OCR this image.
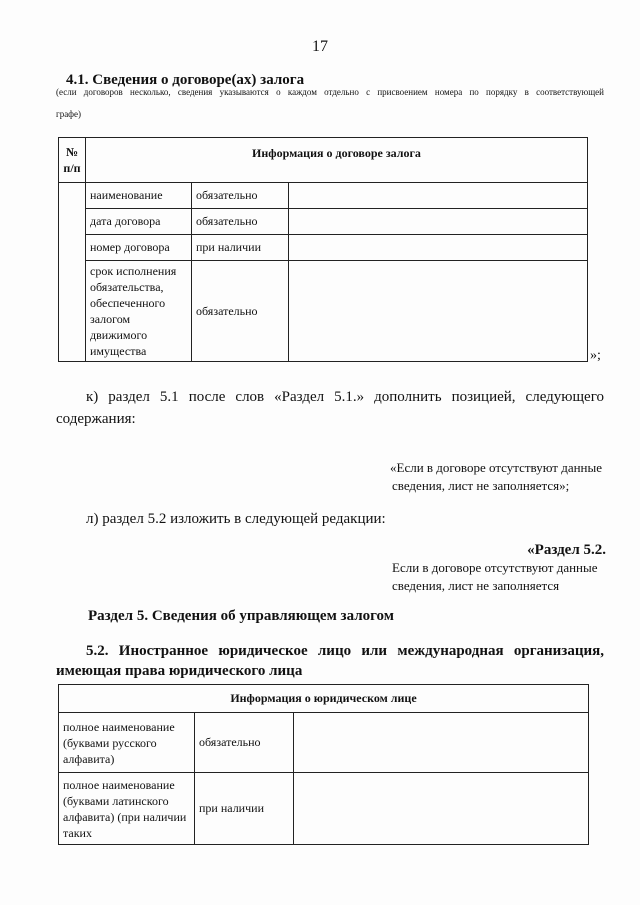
17
4.1. Сведения о договоре(ах) залога
(если договоров несколько, сведения указываются о каждом отдельно с присвоением номера по порядку в соответствующей
графе)
№ п/п	Информация о договоре залога		
	наименование	обязательно	
	дата договора	обязательно	
	номер договора	при наличии	
	срок исполнения обязательства, обеспеченного залогом движимого имущества	обязательно	
»;
к) раздел 5.1 после слов «Раздел 5.1.» дополнить позицией, следующего содержания:
«Если в договоре отсутствуют данные
сведения, лист не заполняется»;
л) раздел 5.2 изложить в следующей редакции:
«Раздел 5.2.
Если в договоре отсутствуют данные
сведения, лист не заполняется
Раздел 5. Сведения об управляющем залогом
5.2. Иностранное юридическое лицо или международная организация, имеющая права юридического лица
Информация о юридическом лице		
полное наименование (буквами русского алфавита)	обязательно	
полное наименование (буквами латинского алфавита) (при наличии таких	при наличии	
